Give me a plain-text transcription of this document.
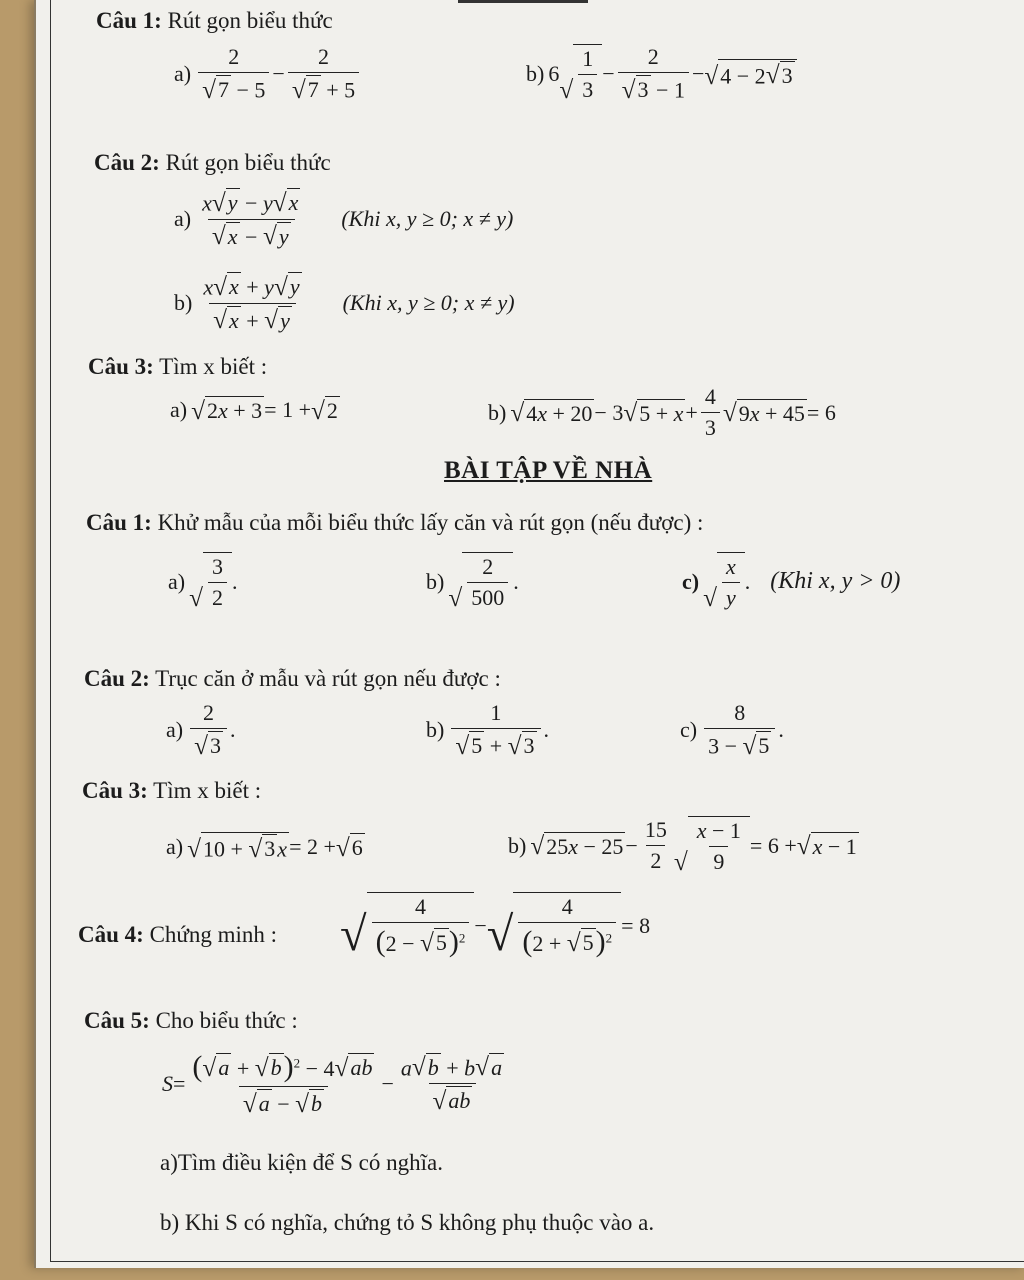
Câu 1: Rút gọn biểu thức
$a) \frac{2}{√ 7 - 5} - \frac{2}{√ 7 + 5}$	b) 6
√ $\frac{1}{3} - \frac{2}{√ 3 - 1}$ − √ 4 − 2 √ 3
Câu 2: Rút gọn biểu thức
$a) \frac{x √ y - y √ x}{√ x - √ y} (Khi$ x, y ≥ 0; x ≠ y)
$b) \frac{x √ x + y √ y}{√ x + √ y} (Khi$ x, y ≥ 0; x ≠ y)
Câu 3: Tìm x biết :
a) √ 2x + 3 = 1 + √ 2	b) √ 4x + 20 − 3 √ $5 + x + \frac{4}{3}$ √ 9x + 45 = 6
BÀI TẬP VỀ NHÀ
Câu 1: Khử mẫu của mỗi biểu thức lấy căn và rút gọn (nếu được) :
a)
√ $\frac{3}{2}$ .	b)
√ $\frac{2}{500}$ .	c)
√ $\frac{x}{y}$ . (Khi x, y > 0)
Câu 2: Trục căn ở mẫu và rút gọn nếu được :
$a) \frac{2}{√ 3}$ .	$b) \frac{1}{√ 5 + √ 3}$ .	$c) \frac{8}{3 - √ 5}$ .
Câu 3: Tìm x biết :
a) √ 10 + √ 3 x = 2 + √ 6	b) √ $25x - 25 - \frac{15}{2}$ √ $\frac{x - 1}{9} = 6$ + √ x − 1
Câu 4: Chứng minh : √ $\frac{4}{(2 - √ 5 )^2}$ − √ $\frac{4}{(2 + √ 5 )^2} = 8$
Câu 5: Cho biểu thức :
$S = \frac{( √ a + √ b )^2 - 4 √ ab}{√ a - √ b} - \frac{a √ b + b √ a}{√ ab}$
a)Tìm điều kiện để S có nghĩa.
b) Khi S có nghĩa, chứng tỏ S không phụ thuộc vào a.
